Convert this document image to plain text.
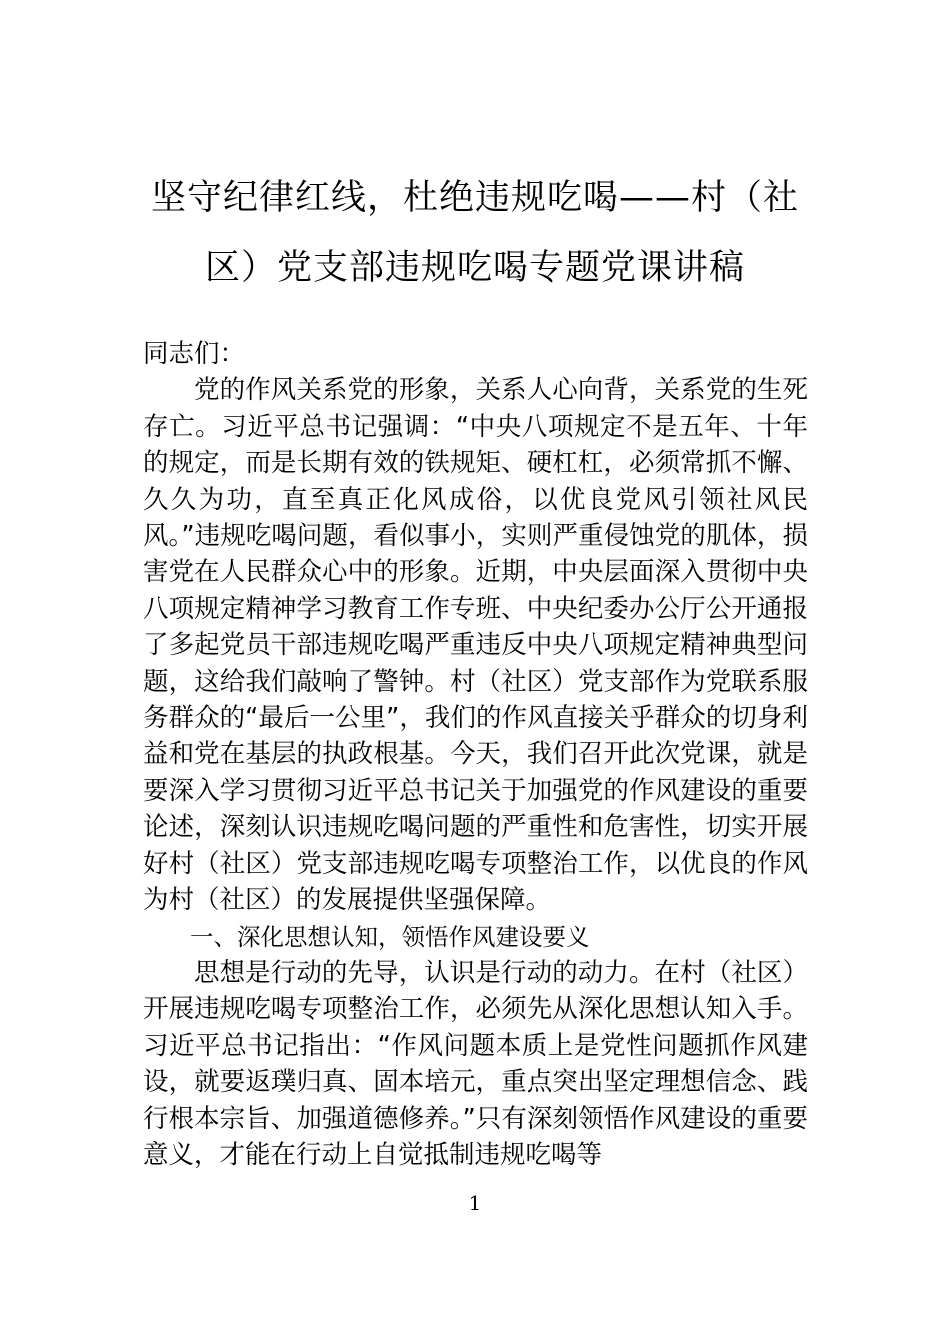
坚守纪律红线，杜绝违规吃喝——村（社区）党支部违规吃喝专题党课讲稿

同志们：

党的作风关系党的形象，关系人心向背，关系党的生死存亡。习近平总书记强调：“中央八项规定不是五年、十年的规定，而是长期有效的铁规矩、硬杠杠，必须常抓不懈、久久为功，直至真正化风成俗，以优良党风引领社风民风。”违规吃喝问题，看似事小，实则严重侵蚀党的肌体，损害党在人民群众心中的形象。近期，中央层面深入贯彻中央八项规定精神学习教育工作专班、中央纪委办公厅公开通报了多起党员干部违规吃喝严重违反中央八项规定精神典型问题，这给我们敲响了警钟。村（社区）党支部作为党联系服务群众的“最后一公里”，我们的作风直接关乎群众的切身利益和党在基层的执政根基。今天，我们召开此次党课，就是要深入学习贯彻习近平总书记关于加强党的作风建设的重要论述，深刻认识违规吃喝问题的严重性和危害性，切实开展好村（社区）党支部违规吃喝专项整治工作，以优良的作风为村（社区）的发展提供坚强保障。

一、深化思想认知，领悟作风建设要义

思想是行动的先导，认识是行动的动力。在村（社区）开展违规吃喝专项整治工作，必须先从深化思想认知入手。习近平总书记指出：“作风问题本质上是党性问题抓作风建设，就要返璞归真、固本培元，重点突出坚定理想信念、践行根本宗旨、加强道德修养。”只有深刻领悟作风建设的重要意义，才能在行动上自觉抵制违规吃喝等

1
